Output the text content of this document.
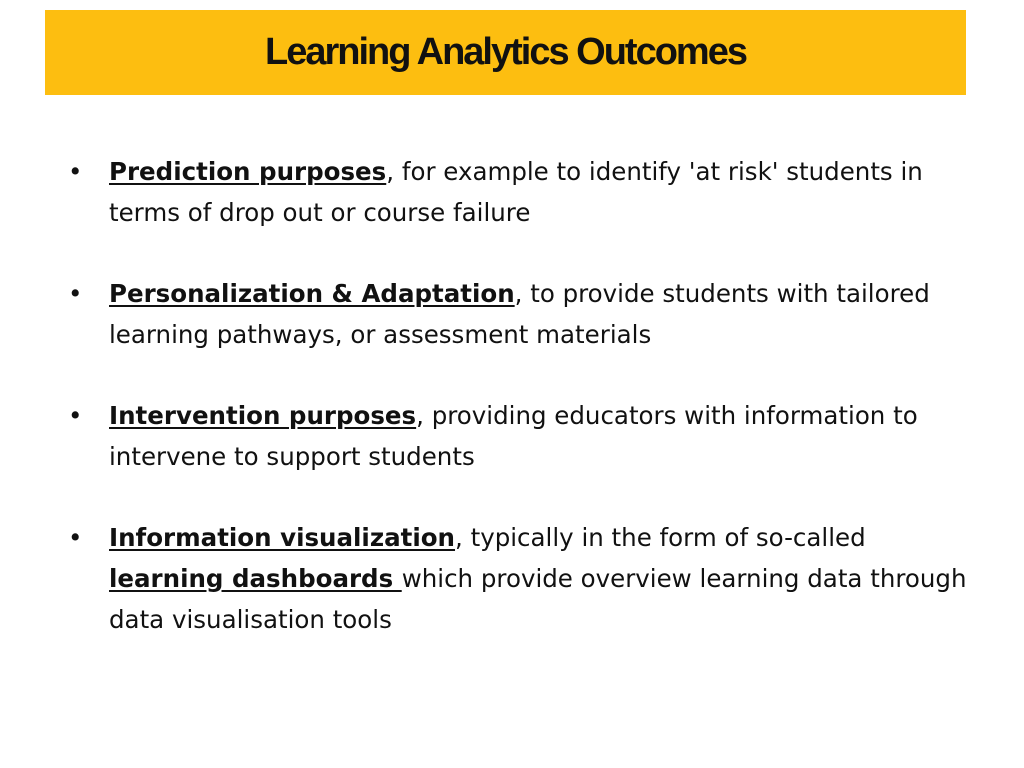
Learning Analytics Outcomes
• Prediction purposes, for example to identify 'at risk' students in terms of drop out or course failure
• Personalization & Adaptation, to provide students with tailored learning pathways, or assessment materials
• Intervention purposes, providing educators with information to intervene to support students
• Information visualization, typically in the form of so-called learning dashboards which provide overview learning data through data visualisation tools
